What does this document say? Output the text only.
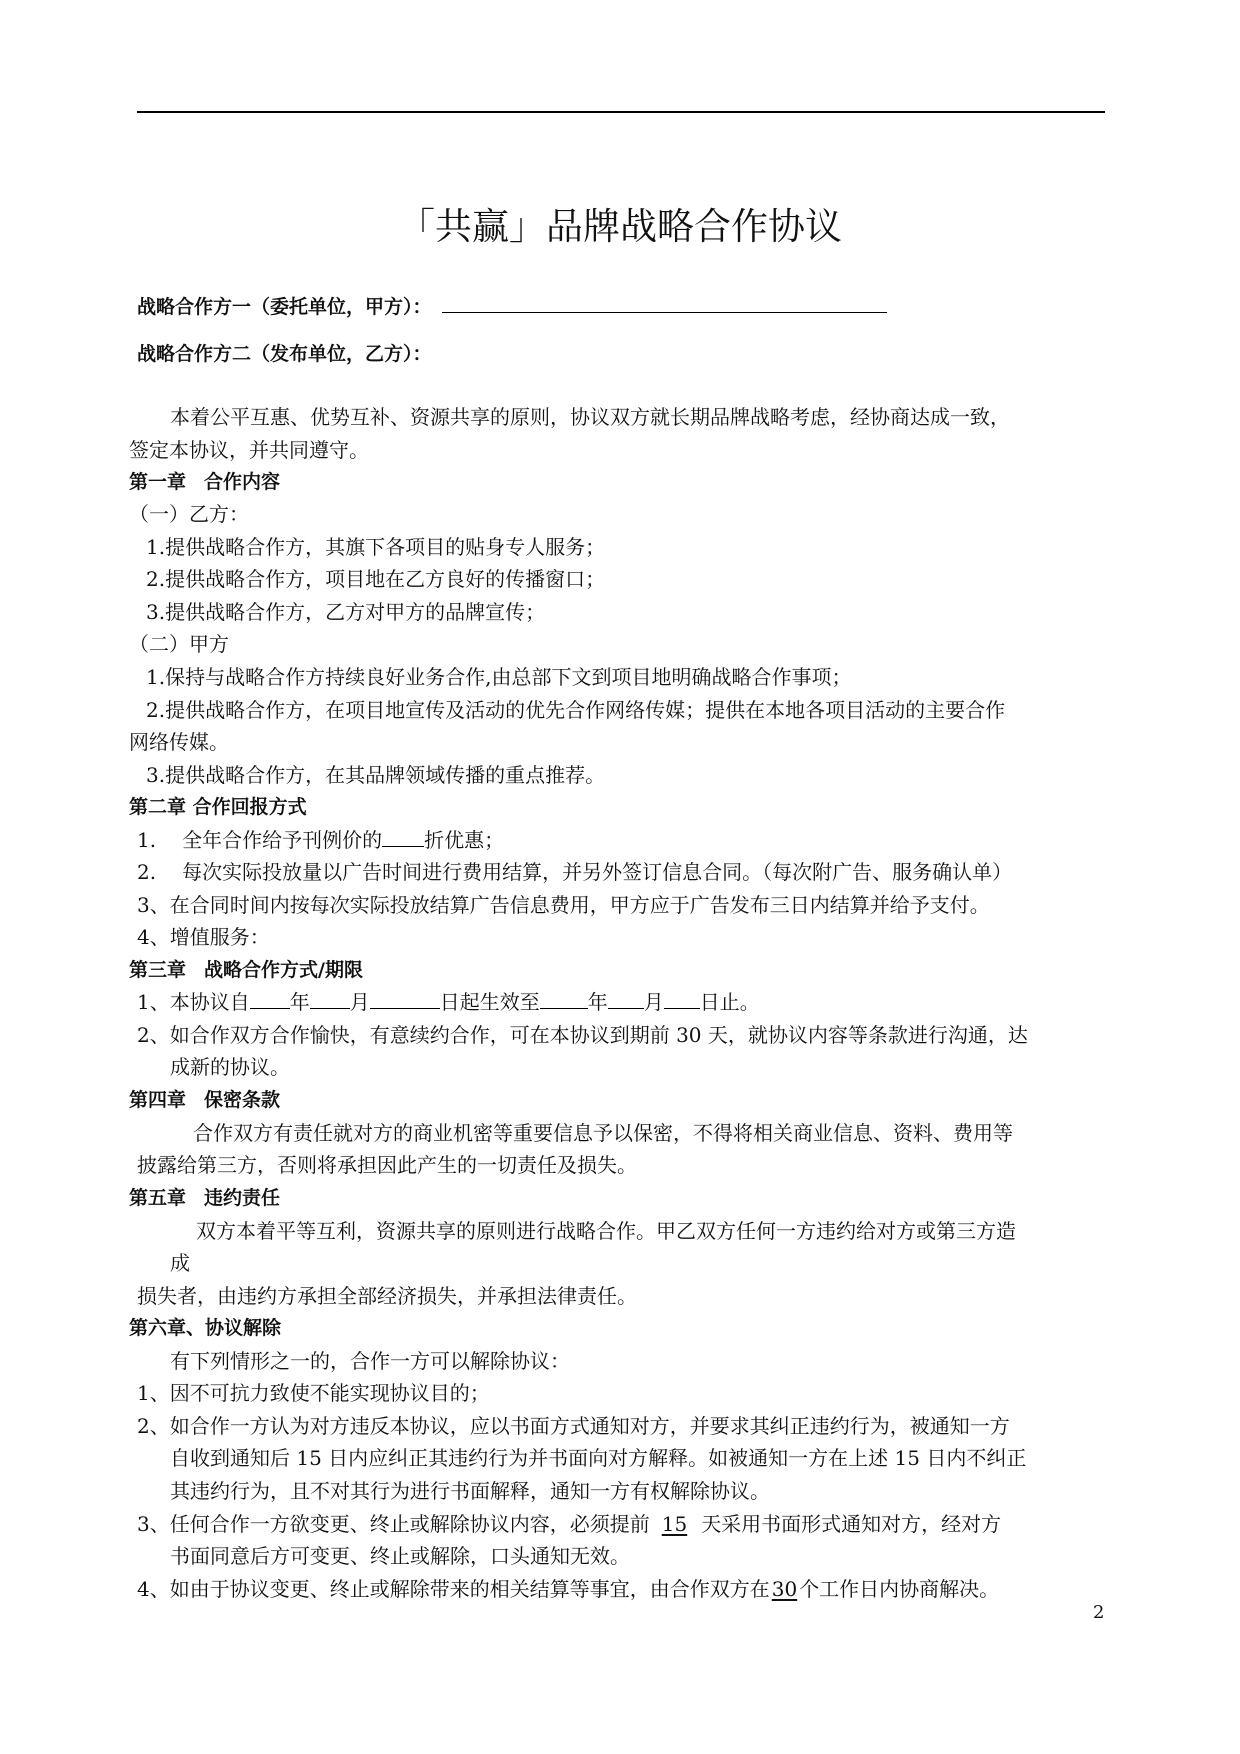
「共赢」品牌战略合作协议
战略合作方一（委托单位，甲方）：
战略合作方二（发布单位，乙方）：
本着公平互惠、优势互补、资源共享的原则，协议双方就长期品牌战略考虑，经协商达成一致，
签定本协议，并共同遵守。
第一章 合作内容
（一）乙方：
1.提供战略合作方，其旗下各项目的贴身专人服务；
2.提供战略合作方，项目地在乙方良好的传播窗口；
3.提供战略合作方，乙方对甲方的品牌宣传；
（二）甲方
1.保持与战略合作方持续良好业务合作,由总部下文到项目地明确战略合作事项；
2.提供战略合作方，在项目地宣传及活动的优先合作网络传媒；提供在本地各项目活动的主要合作
网络传媒。
3.提供战略合作方，在其品牌领域传播的重点推荐。
第二章 合作回报方式
1. 全年合作给予刊例价的 折优惠；
2. 每次实际投放量以广告时间进行费用结算，并另外签订信息合同。（每次附广告、服务确认单）
3、在合同时间内按每次实际投放结算广告信息费用，甲方应于广告发布三日内结算并给予支付。
4、增值服务：
第三章 战略合作方式/期限
1、本协议自 年 月	日起生效至 年 月 日止。
2、如合作双方合作愉快，有意续约合作，可在本协议到期前 30 天，就协议内容等条款进行沟通，达
成新的协议。
第四章 保密条款
合作双方有责任就对方的商业机密等重要信息予以保密，不得将相关商业信息、资料、费用等
披露给第三方，否则将承担因此产生的一切责任及损失。
第五章 违约责任
双方本着平等互利，资源共享的原则进行战略合作。甲乙双方任何一方违约给对方或第三方造
成
损失者，由违约方承担全部经济损失，并承担法律责任。
第六章、协议解除
有下列情形之一的，合作一方可以解除协议：
1、因不可抗力致使不能实现协议目的；
2、如合作一方认为对方违反本协议，应以书面方式通知对方，并要求其纠正违约行为，被通知一方
自收到通知后 15 日内应纠正其违约行为并书面向对方解释。如被通知一方在上述 15 日内不纠正
其违约行为，且不对其行为进行书面解释，通知一方有权解除协议。
3、任何合作一方欲变更、终止或解除协议内容，必须提前 15 天采用书面形式通知对方，经对方
书面同意后方可变更、终止或解除，口头通知无效。
4、如由于协议变更、终止或解除带来的相关结算等事宜，由合作双方在 30 个工作日内协商解决。
2
